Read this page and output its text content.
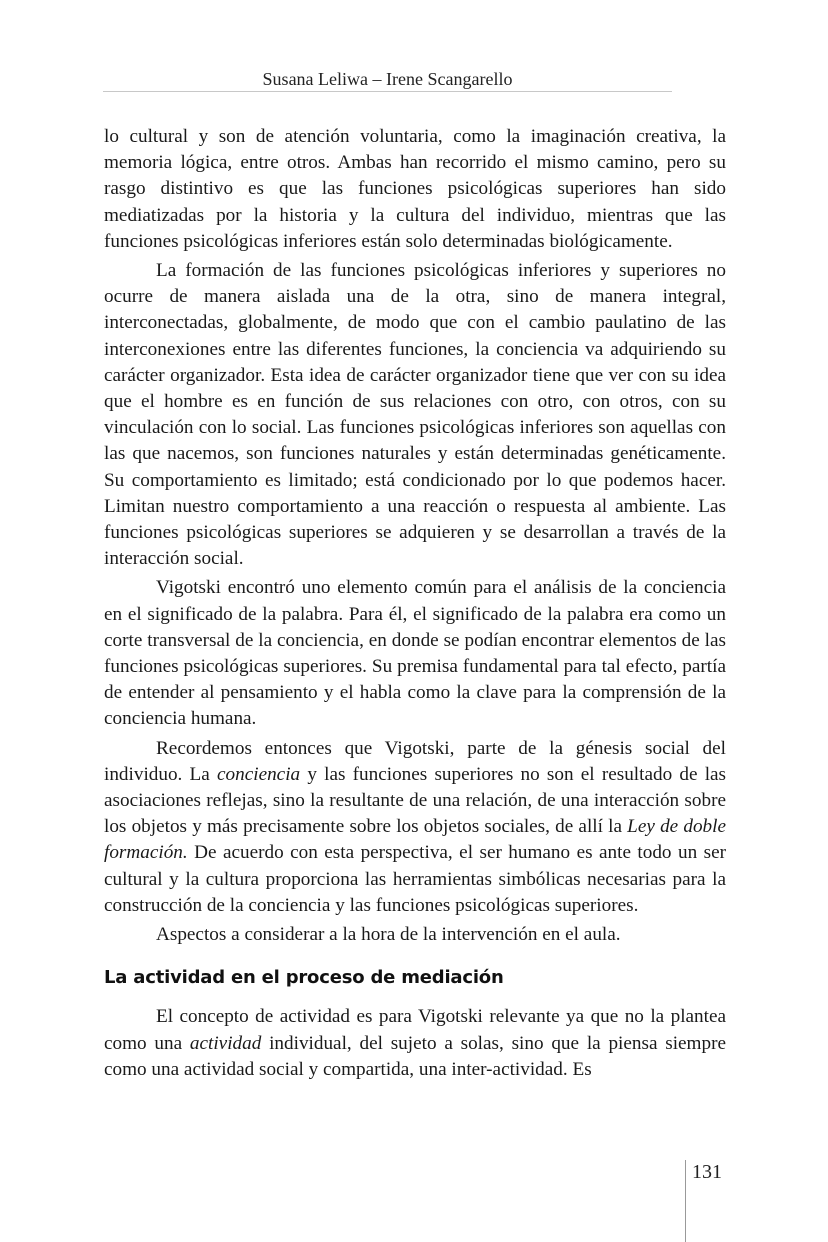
Susana Leliwa – Irene Scangarello

lo cultural y son de atención voluntaria, como la imaginación creativa, la memoria lógica, entre otros. Ambas han recorrido el mismo camino, pero su rasgo distintivo es que las funciones psicológicas superiores han sido mediatizadas por la historia y la cultura del individuo, mientras que las funciones psicológicas inferiores están solo determinadas biológicamente.

La formación de las funciones psicológicas inferiores y superiores no ocurre de manera aislada una de la otra, sino de manera integral, interconectadas, globalmente, de modo que con el cambio paulatino de las interconexiones entre las diferentes funciones, la conciencia va adquiriendo su carácter organizador. Esta idea de carácter organizador tiene que ver con su idea que el hombre es en función de sus relaciones con otro, con otros, con su vinculación con lo social. Las funciones psicológicas inferiores son aquellas con las que nacemos, son funciones naturales y están determinadas genéticamente. Su comportamiento es limitado; está condicionado por lo que podemos hacer. Limitan nuestro comportamiento a una reacción o respuesta al ambiente. Las funciones psicológicas superiores se adquieren y se desarrollan a través de la interacción social.

Vigotski encontró uno elemento común para el análisis de la conciencia en el significado de la palabra. Para él, el significado de la palabra era como un corte transversal de la conciencia, en donde se podían encontrar elementos de las funciones psicológicas superiores. Su premisa fundamental para tal efecto, partía de entender al pensamiento y el habla como la clave para la comprensión de la conciencia humana.

Recordemos entonces que Vigotski, parte de la génesis social del individuo. La conciencia y las funciones superiores no son el resultado de las asociaciones reflejas, sino la resultante de una relación, de una interacción sobre los objetos y más precisamente sobre los objetos sociales, de allí la Ley de doble formación. De acuerdo con esta perspectiva, el ser humano es ante todo un ser cultural y la cultura proporciona las herramientas simbólicas necesarias para la construcción de la conciencia y las funciones psicológicas superiores.

Aspectos a considerar a la hora de la intervención en el aula.

La actividad en el proceso de mediación

El concepto de actividad es para Vigotski relevante ya que no la plantea como una actividad individual, del sujeto a solas, sino que la piensa siempre como una actividad social y compartida, una inter-actividad. Es

131
